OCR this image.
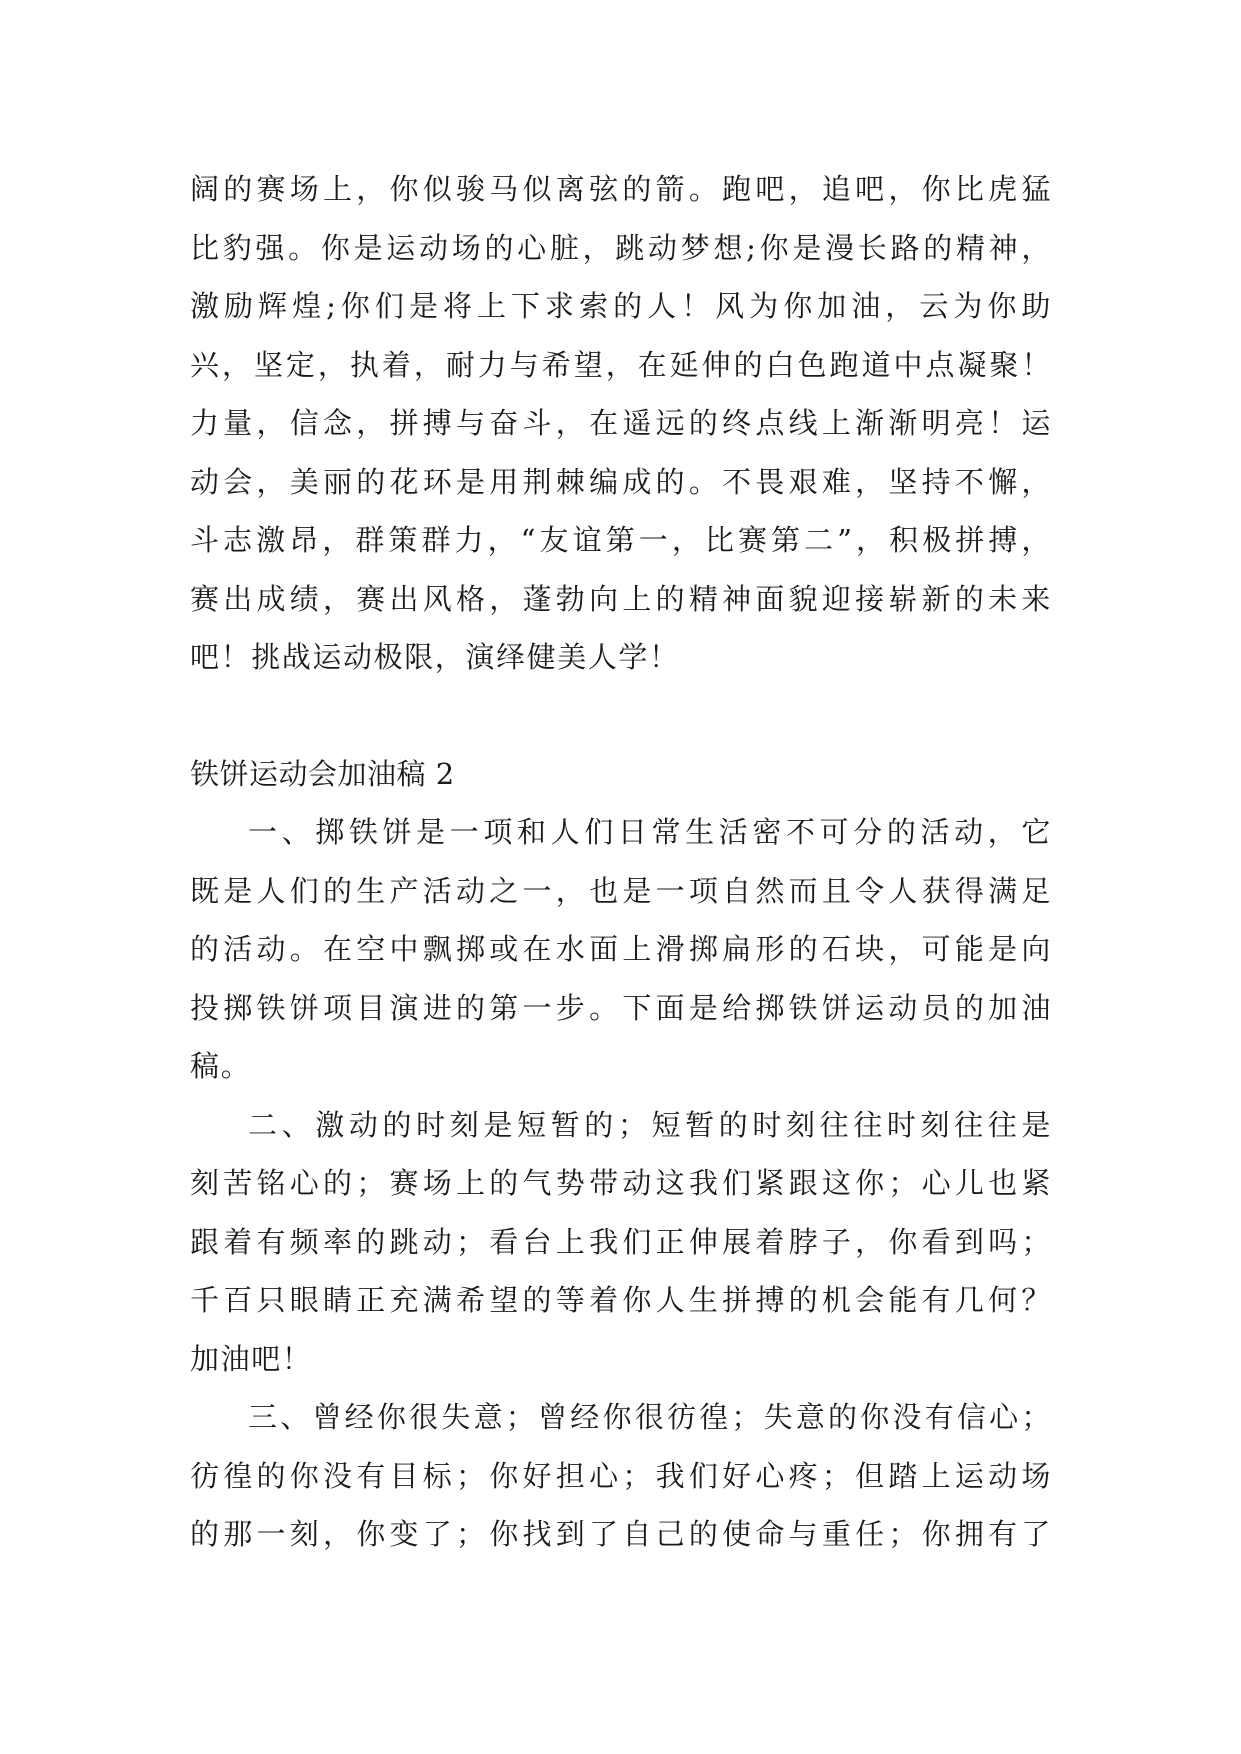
阔的赛场上，你似骏马似离弦的箭。跑吧，追吧，你比虎猛
比豹强。你是运动场的心脏，跳动梦想;你是漫长路的精神，
激励辉煌;你们是将上下求索的人！风为你加油，云为你助
兴，坚定，执着，耐力与希望，在延伸的白色跑道中点凝聚！
力量，信念，拼搏与奋斗，在遥远的终点线上渐渐明亮！运
动会，美丽的花环是用荆棘编成的。不畏艰难，坚持不懈，
斗志激昂，群策群力，“友谊第一，比赛第二”，积极拼搏，
赛出成绩，赛出风格，蓬勃向上的精神面貌迎接崭新的未来
吧！挑战运动极限，演绎健美人学！
铁饼运动会加油稿 2
一、掷铁饼是一项和人们日常生活密不可分的活动，它
既是人们的生产活动之一，也是一项自然而且令人获得满足
的活动。在空中飘掷或在水面上滑掷扁形的石块，可能是向
投掷铁饼项目演进的第一步。下面是给掷铁饼运动员的加油
稿。
二、激动的时刻是短暂的；短暂的时刻往往时刻往往是
刻苦铭心的；赛场上的气势带动这我们紧跟这你；心儿也紧
跟着有频率的跳动；看台上我们正伸展着脖子，你看到吗；
千百只眼睛正充满希望的等着你人生拼搏的机会能有几何？
加油吧！
三、曾经你很失意；曾经你很彷徨；失意的你没有信心；
彷徨的你没有目标；你好担心；我们好心疼；但踏上运动场
的那一刻，你变了；你找到了自己的使命与重任；你拥有了
